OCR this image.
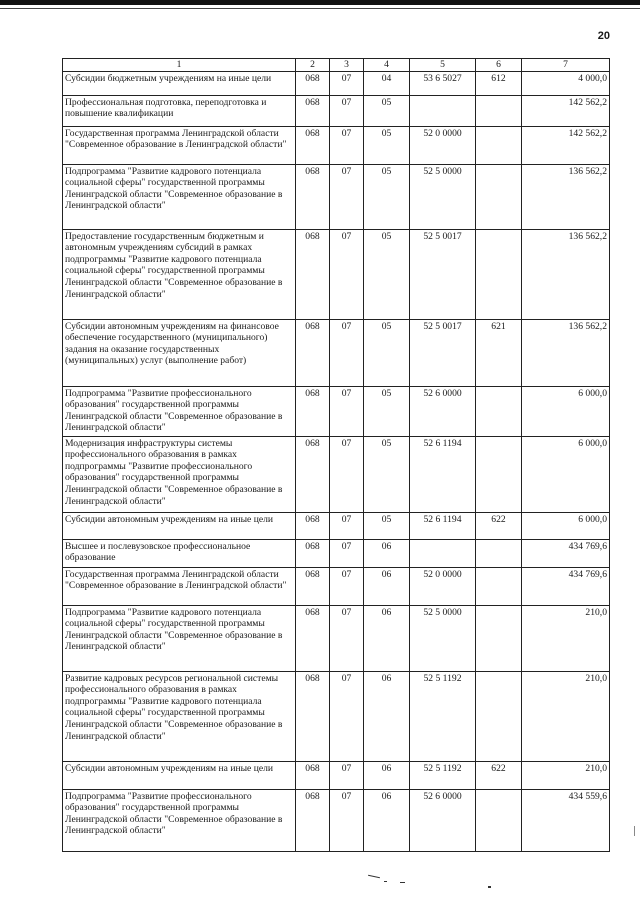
20
1	2	3	4	5	6	7
Субсидии бюджетным учреждениям на иные цели	068	07	04	53 6 5027	612	4 000,0
Профессиональная подготовка, переподготовка и повышение квалификации	068	07	05			142 562,2
Государственная программа Ленинградской области "Современное образование в Ленинградской области"	068	07	05	52 0 0000		142 562,2
Подпрограмма "Развитие кадрового потенциала социальной сферы" государственной программы Ленинградской области "Современное образование в Ленинградской области"	068	07	05	52 5 0000		136 562,2
Предоставление государственным бюджетным и автономным учреждениям субсидий в рамках подпрограммы "Развитие кадрового потенциала социальной сферы" государственной программы Ленинградской области "Современное образование в Ленинградской области"	068	07	05	52 5 0017		136 562,2
Субсидии автономным учреждениям на финансовое обеспечение государственного (муниципального) задания на оказание государственных (муниципальных) услуг (выполнение работ)	068	07	05	52 5 0017	621	136 562,2
Подпрограмма "Развитие профессионального образования" государственной программы Ленинградской области "Современное образование в Ленинградской области"	068	07	05	52 6 0000		6 000,0
Модернизация инфраструктуры системы профессионального образования в рамках подпрограммы "Развитие профессионального образования" государственной программы Ленинградской области "Современное образование в Ленинградской области"	068	07	05	52 6 1194		6 000,0
Субсидии автономным учреждениям на иные цели	068	07	05	52 6 1194	622	6 000,0
Высшее и послевузовское профессиональное образование	068	07	06			434 769,6
Государственная программа Ленинградской области "Современное образование в Ленинградской области"	068	07	06	52 0 0000		434 769,6
Подпрограмма "Развитие кадрового потенциала социальной сферы" государственной программы Ленинградской области "Современное образование в Ленинградской области"	068	07	06	52 5 0000		210,0
Развитие кадровых ресурсов региональной системы профессионального образования в рамках подпрограммы "Развитие кадрового потенциала социальной сферы" государственной программы Ленинградской области "Современное образование в Ленинградской области"	068	07	06	52 5 1192		210,0
Субсидии автономным учреждениям на иные цели	068	07	06	52 5 1192	622	210,0
Подпрограмма "Развитие профессионального образования" государственной программы Ленинградской области "Современное образование в Ленинградской области"	068	07	06	52 6 0000		434 559,6
